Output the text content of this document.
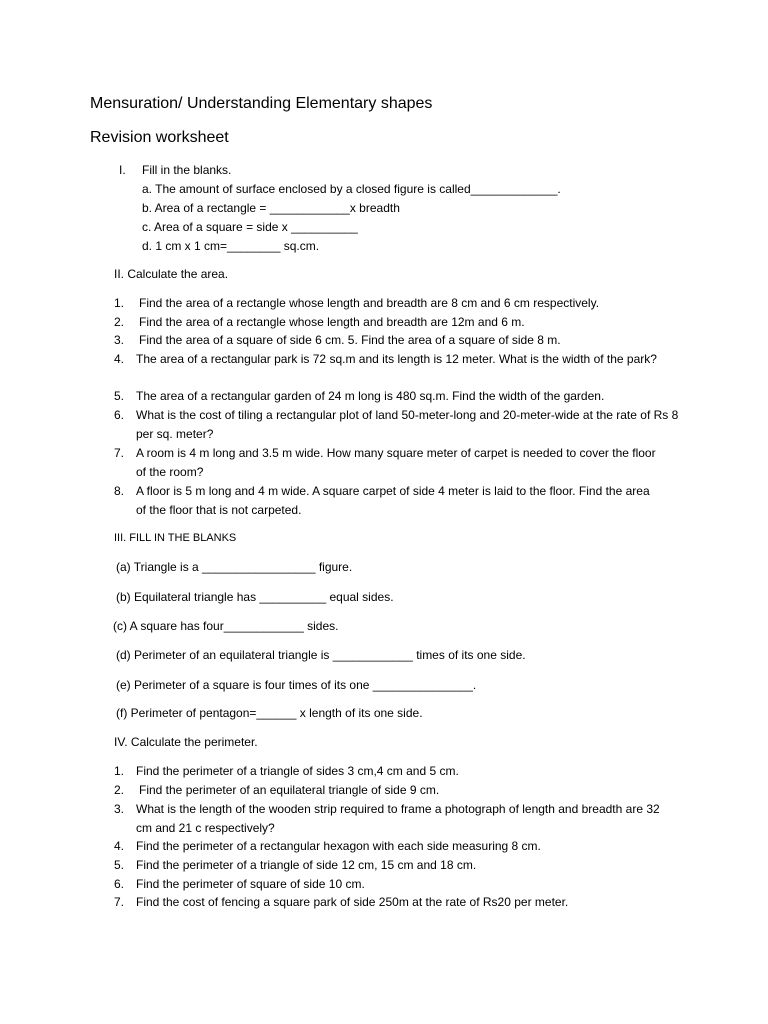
Mensuration/ Understanding Elementary shapes
Revision worksheet
I. Fill in the blanks.
a. The amount of surface enclosed by a closed figure is called_____________.
b. Area of a rectangle = ____________x breadth
c. Area of a square = side x __________
d. 1 cm x 1 cm=________ sq.cm.
II. Calculate the area.
1. Find the area of a rectangle whose length and breadth are 8 cm and 6 cm respectively.
2. Find the area of a rectangle whose length and breadth are 12m and 6 m.
3. Find the area of a square of side 6 cm. 5. Find the area of a square of side 8 m.
4. The area of a rectangular park is 72 sq.m and its length is 12 meter. What is the width of the park?
5. The area of a rectangular garden of 24 m long is 480 sq.m. Find the width of the garden.
6. What is the cost of tiling a rectangular plot of land 50-meter-long and 20-meter-wide at the rate of Rs 8 per sq. meter?
7. A room is 4 m long and 3.5 m wide. How many square meter of carpet is needed to cover the floor of the room?
8. A floor is 5 m long and 4 m wide. A square carpet of side 4 meter is laid to the floor. Find the area of the floor that is not carpeted.
III. FILL IN THE BLANKS
(a) Triangle is a _________________ figure.
(b) Equilateral triangle has __________ equal sides.
(c) A square has four____________ sides.
(d) Perimeter of an equilateral triangle is ____________ times of its one side.
(e) Perimeter of a square is four times of its one _______________.
(f) Perimeter of pentagon=______ x length of its one side.
IV. Calculate the perimeter.
1. Find the perimeter of a triangle of sides 3 cm,4 cm and 5 cm.
2. Find the perimeter of an equilateral triangle of side 9 cm.
3. What is the length of the wooden strip required to frame a photograph of length and breadth are 32 cm and 21 c respectively?
4. Find the perimeter of a rectangular hexagon with each side measuring 8 cm.
5. Find the perimeter of a triangle of side 12 cm, 15 cm and 18 cm.
6. Find the perimeter of square of side 10 cm.
7. Find the cost of fencing a square park of side 250m at the rate of Rs20 per meter.
